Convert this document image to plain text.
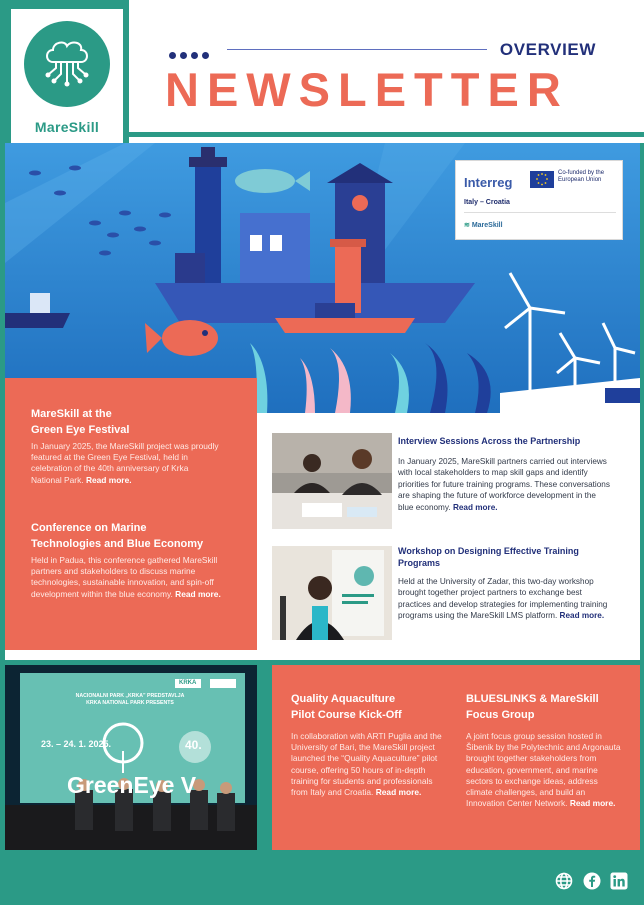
MareSkill
OVERVIEW
NEWSLETTER
Interreg
Co-funded by the European Union
Italy – Croatia
≋ MareSkill
MareSkill at the
Green Eye Festival

In January 2025, the MareSkill project was proudly featured at the Green Eye Festival, held in celebration of the 40th anniversary of Krka National Park. Read more.

Conference on Marine
Technologies and Blue Economy

Held in Padua, this conference gathered MareSkill partners and stakeholders to discuss marine technologies, sustainable innovation, and spin-off development within the blue economy. Read more.

Interview Sessions Across the Partnership

In January 2025, MareSkill partners carried out interviews with local stakeholders to map skill gaps and identify priorities for future training programs. These conversations are shaping the future of workforce development in the blue economy. Read more.

Workshop on Designing Effective Training Programs

Held at the University of Zadar, this two-day workshop brought together project partners to exchange best practices and develop strategies for implementing training programs using the MareSkill LMS platform. Read more.

KRKA
NACIONALNI PARK „KRKA” PREDSTAVLJA
KRKA NATIONAL PARK PRESENTS
23. – 24. 1. 2025.	40.
GreenEye V
Quality Aquaculture
Pilot Course Kick-Off

In collaboration with ARTI Puglia and the University of Bari, the MareSkill project launched the “Quality Aquaculture” pilot course, offering 50 hours of in-depth training for students and professionals from Italy and Croatia. Read more.

BLUESLINKS & MareSkill
Focus Group

A joint focus group session hosted in Šibenik by the Polytechnic and Argonauta brought together stakeholders from education, government, and marine sectors to exchange ideas, address climate challenges, and build an Innovation Center Network. Read more.
